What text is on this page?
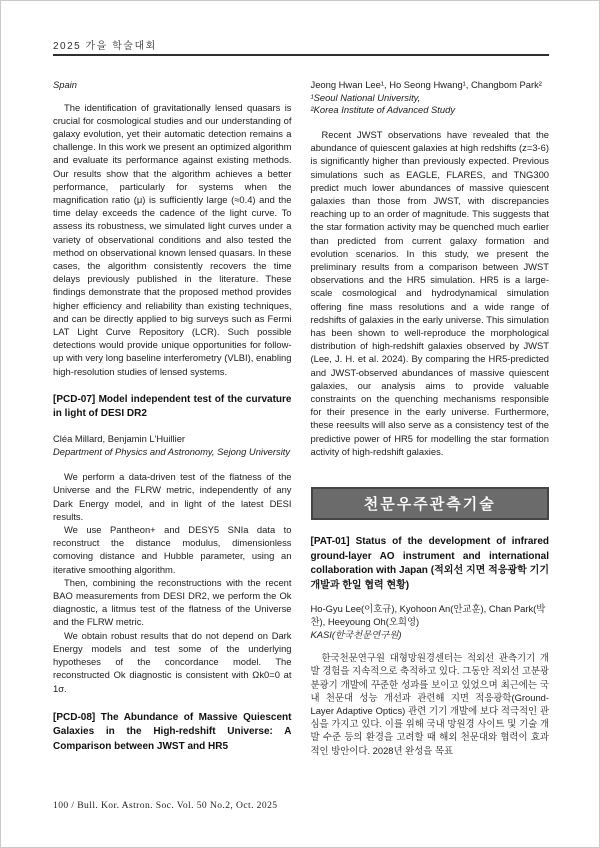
2025 가을 학술대회
Spain
The identification of gravitationally lensed quasars is crucial for cosmological studies and our understanding of galaxy evolution, yet their automatic detection remains a challenge. In this work we present an optimized algorithm and evaluate its performance against existing methods. Our results show that the algorithm achieves a better performance, particularly for systems when the magnification ratio (μ) is sufficiently large (≈0.4) and the time delay exceeds the cadence of the light curve. To assess its robustness, we simulated light curves under a variety of observational conditions and also tested the method on observational known lensed quasars. In these cases, the algorithm consistently recovers the time delays previously published in the literature. These findings demonstrate that the proposed method provides higher efficiency and reliability than existing techniques, and can be directly applied to big surveys such as Fermi LAT Light Curve Repository (LCR). Such possible detections would provide unique opportunities for follow-up with very long baseline interferometry (VLBI), enabling high-resolution studies of lensed systems.
[PCD-07] Model independent test of the curvature in light of DESI DR2
Cléa Millard, Benjamin L'Huillier
Department of Physics and Astronomy, Sejong University
We perform a data-driven test of the flatness of the Universe and the FLRW metric, independently of any Dark Energy model, and in light of the latest DESI results.
We use Pantheon+ and DESY5 SNIa data to reconstruct the distance modulus, dimensionless comoving distance and Hubble parameter, using an iterative smoothing algorithm.
Then, combining the reconstructions with the recent BAO measurements from DESI DR2, we perform the Ok diagnostic, a litmus test of the flatness of the Universe and the FLRW metric.
We obtain robust results that do not depend on Dark Energy models and test some of the underlying hypotheses of the concordance model. The reconstructed Ok diagnostic is consistent with Ωk0=0 at 1σ.
[PCD-08] The Abundance of Massive Quiescent Galaxies in the High-redshift Universe: A Comparison between JWST and HR5
Jeong Hwan Lee¹, Ho Seong Hwang¹, Changbom Park²
¹Seoul National University,
²Korea Institute of Advanced Study
Recent JWST observations have revealed that the abundance of quiescent galaxies at high redshifts (z=3-6) is significantly higher than previously expected. Previous simulations such as EAGLE, FLARES, and TNG300 predict much lower abundances of massive quiescent galaxies than those from JWST, with discrepancies reaching up to an order of magnitude. This suggests that the star formation activity may be quenched much earlier than predicted from current galaxy formation and evolution scenarios. In this study, we present the preliminary results from a comparison between JWST observations and the HR5 simulation. HR5 is a large-scale cosmological and hydrodynamical simulation offering fine mass resolutions and a wide range of redshifts of galaxies in the early universe. This simulation has been shown to well-reproduce the morphological distribution of high-redshift galaxies observed by JWST (Lee, J. H. et al. 2024). By comparing the HR5-predicted and JWST-observed abundances of massive quiescent galaxies, our analysis aims to provide valuable constraints on the quenching mechanisms responsible for their presence in the early universe. Furthermore, these reesults will also serve as a consistency test of the predictive power of HR5 for modelling the star formation activity of high-redshift galaxies.
천문우주관측기술
[PAT-01] Status of the development of infrared ground-layer AO instrument and international collaboration with Japan (적외선 지면 적응광학 기기개발과 한일 협력 현황)
Ho-Gyu Lee(이호규), Kyohoon An(안교훈), Chan Park(박찬), Heeyoung Oh(오희영)
KASI(한국천문연구원)
한국천문연구원 대형망원경센터는 적외선 관측기기 개발 경험을 지속적으로 축적하고 있다. 그동안 적외선 고분광분광기 개발에 꾸준한 성과를 보이고 있었으며 최근에는 국내 천문대 성능 개선과 관련해 지면 적응광학(Ground-Layer Adaptive Optics) 관련 기기 개발에 보다 적극적인 관심을 가지고 있다. 이를 위해 국내 망원경 사이트 및 기술 개발 수준 등의 환경을 고려할 때 해외 천문대와 협력이 효과적인 방안이다. 2028년 완성을 목표
100 / Bull. Kor. Astron. Soc. Vol. 50 No.2, Oct. 2025
